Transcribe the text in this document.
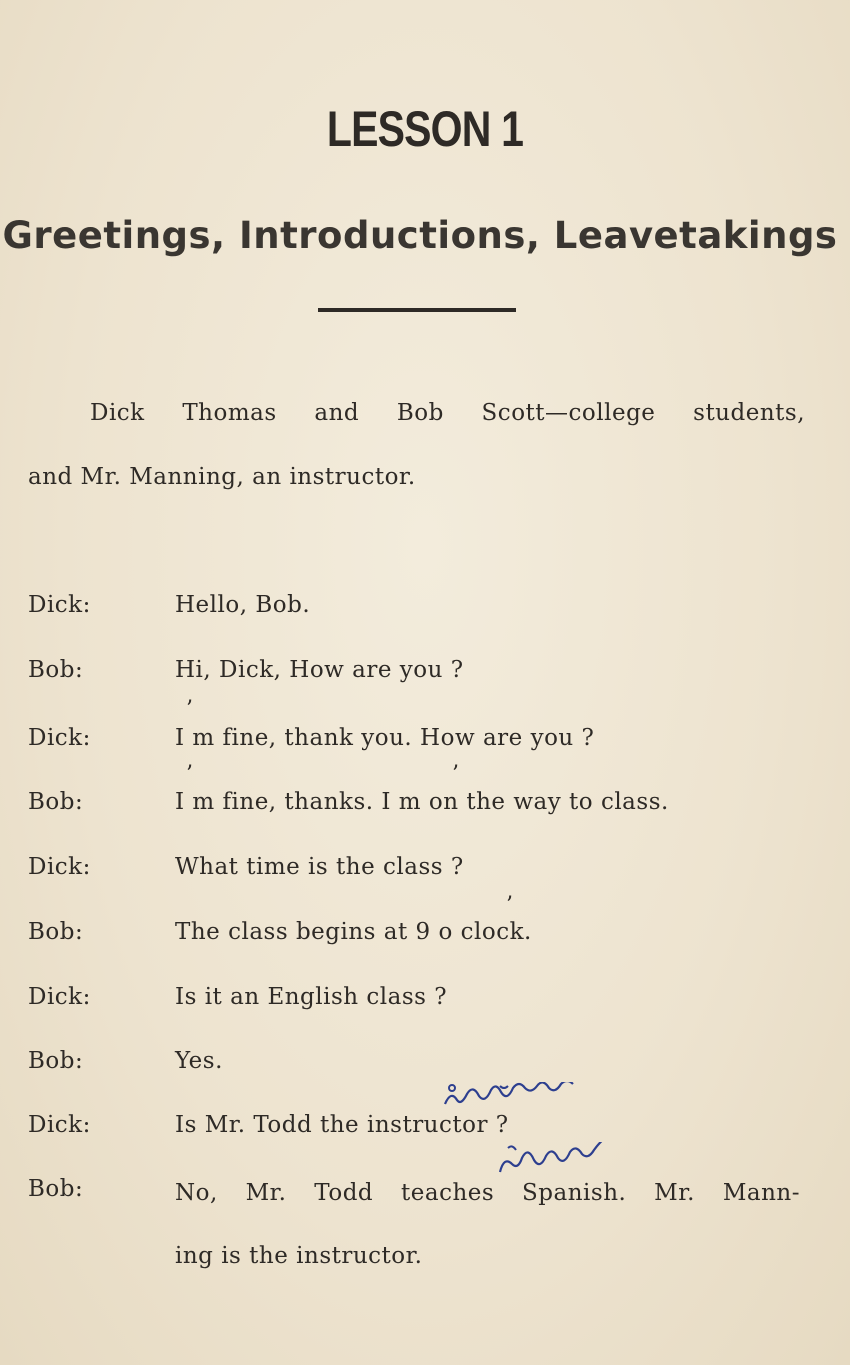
LESSON 1
Greetings, Introductions, Leavetakings
Dick Thomas and Bob Scott—college students,
and Mr. Manning, an instructor.
Dick:	Hello, Bob.
Bob:	Hi, Dick, How are you ?
’
Dick:	I m fine, thank you. How are you ?
’	’
Bob:	I m fine, thanks. I m on the way to class.
Dick:	What time is the class ?
’
Bob:	The class begins at 9 o clock.
Dick:	Is it an English class ?
Bob:	Yes.
Dick:	Is Mr. Todd the instructor ?
Bob:	No, Mr. Todd teaches Spanish. Mr. Mann-
ing is the instructor.
